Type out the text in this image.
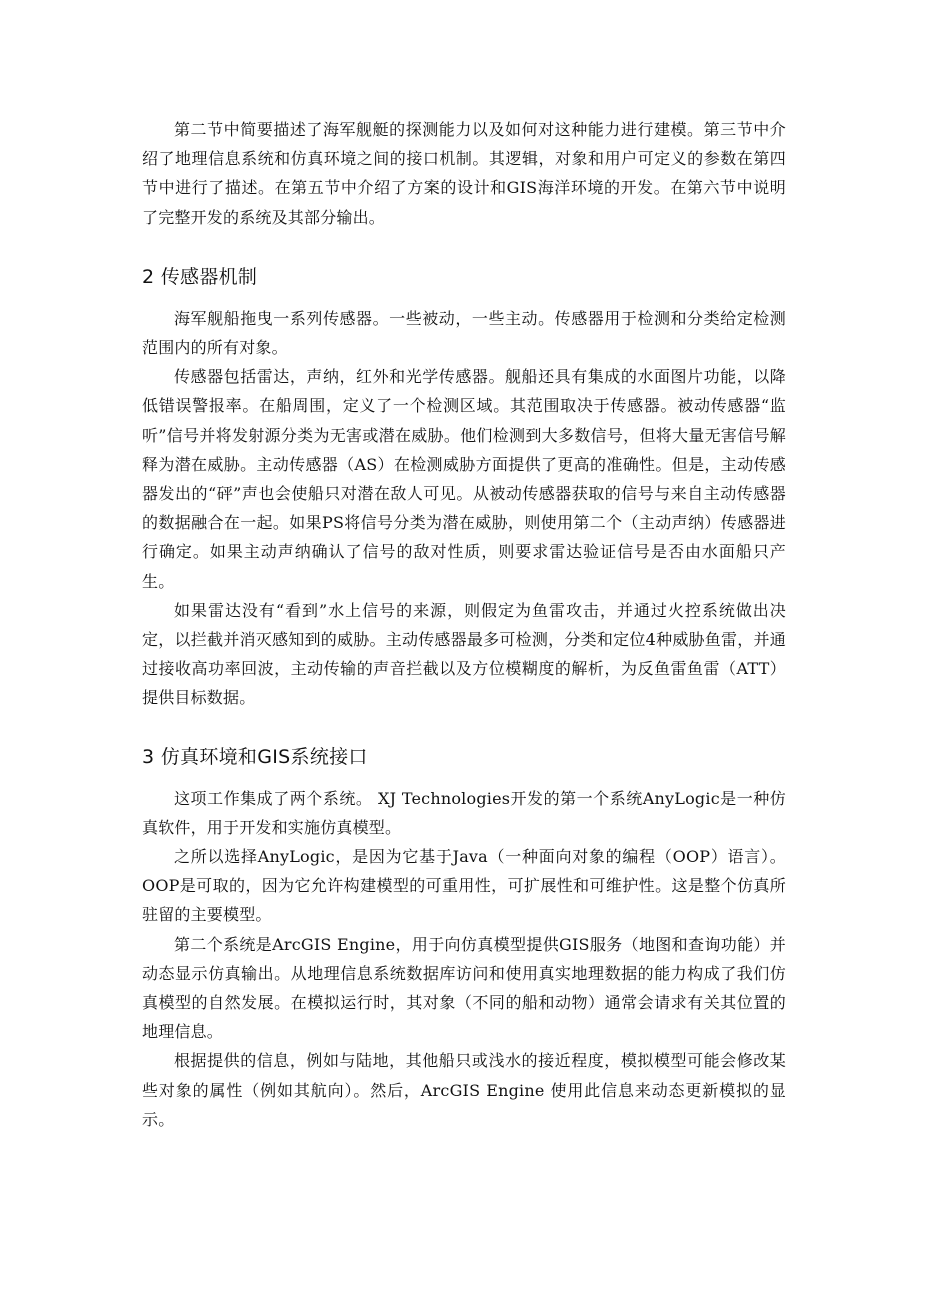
第二节中简要描述了海军舰艇的探测能力以及如何对这种能力进行建模。第三节中介绍了地理信息系统和仿真环境之间的接口机制。其逻辑，对象和用户可定义的参数在第四节中进行了描述。在第五节中介绍了方案的设计和GIS海洋环境的开发。在第六节中说明了完整开发的系统及其部分输出。

2 传感器机制

海军舰船拖曳一系列传感器。一些被动，一些主动。传感器用于检测和分类给定检测范围内的所有对象。

传感器包括雷达，声纳，红外和光学传感器。舰船还具有集成的水面图片功能，以降低错误警报率。在船周围，定义了一个检测区域。其范围取决于传感器。被动传感器“监听”信号并将发射源分类为无害或潜在威胁。他们检测到大多数信号，但将大量无害信号解释为潜在威胁。主动传感器（AS）在检测威胁方面提供了更高的准确性。但是，主动传感器发出的“砰”声也会使船只对潜在敌人可见。从被动传感器获取的信号与来自主动传感器的数据融合在一起。如果PS将信号分类为潜在威胁，则使用第二个（主动声纳）传感器进行确定。如果主动声纳确认了信号的敌对性质，则要求雷达验证信号是否由水面船只产生。

如果雷达没有“看到”水上信号的来源，则假定为鱼雷攻击，并通过火控系统做出决定，以拦截并消灭感知到的威胁。主动传感器最多可检测，分类和定位4种威胁鱼雷，并通过接收高功率回波，主动传输的声音拦截以及方位模糊度的解析，为反鱼雷鱼雷（ATT）提供目标数据。

3 仿真环境和GIS系统接口

这项工作集成了两个系统。 XJ Technologies开发的第一个系统AnyLogic是一种仿真软件，用于开发和实施仿真模型。

之所以选择AnyLogic，是因为它基于Java（一种面向对象的编程（OOP）语言）。OOP是可取的，因为它允许构建模型的可重用性，可扩展性和可维护性。这是整个仿真所驻留的主要模型。

第二个系统是ArcGIS Engine，用于向仿真模型提供GIS服务（地图和查询功能）并动态显示仿真输出。从地理信息系统数据库访问和使用真实地理数据的能力构成了我们仿真模型的自然发展。在模拟运行时，其对象（不同的船和动物）通常会请求有关其位置的地理信息。

根据提供的信息，例如与陆地，其他船只或浅水的接近程度，模拟模型可能会修改某些对象的属性（例如其航向）。然后，ArcGIS Engine 使用此信息来动态更新模拟的显示。
